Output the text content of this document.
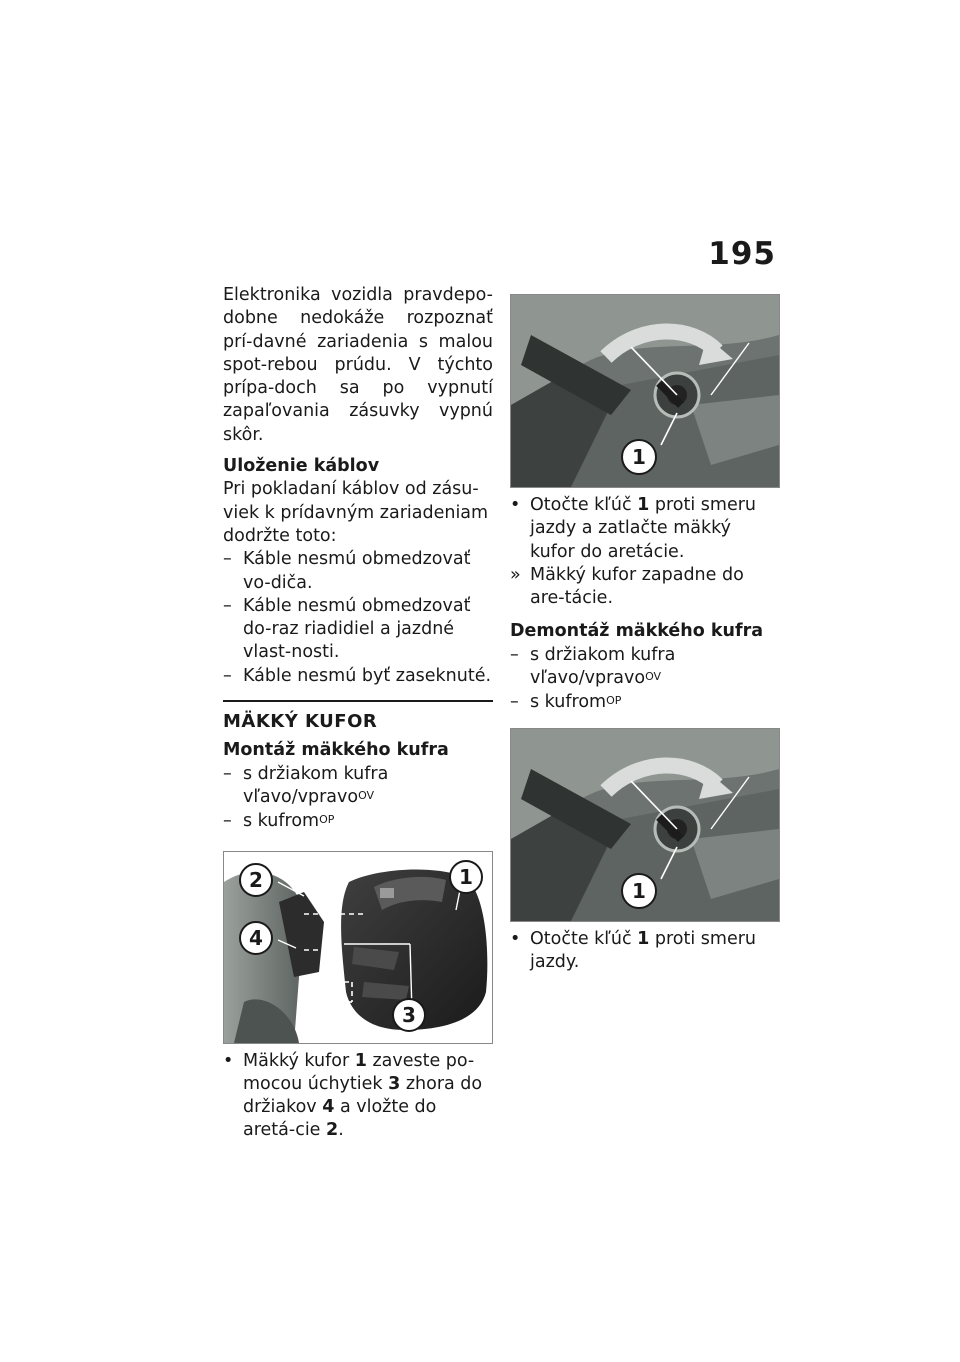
195

Elektronika vozidla pravdepo-dobne nedokáže rozpoznať prí-davné zariadenia s malou spot-rebou prúdu. V týchto prípa-doch sa po vypnutí zapaľovania zásuvky vypnú skôr.

Uloženie káblov

Pri pokladaní káblov od zásu-viek k prídavným zariadeniam dodržte toto:

– Káble nesmú obmedzovať vo-diča.
– Káble nesmú obmedzovať do-raz riadidiel a jazdné vlast-nosti.
– Káble nesmú byť zaseknuté.

MÄKKÝ KUFOR

Montáž mäkkého kufra

– s držiakom kufra vľavo/vpravo$^{OV}$
– s kufrom$^{OP}$
2	1
4
3
• Mäkký kufor 1 zaveste po-mocou úchytiek 3 zhora do držiakov 4 a vložte do aretá-cie 2.
1
• Otočte kľúč 1 proti smeru jazdy a zatlačte mäkký kufor do aretácie.
» Mäkký kufor zapadne do are-tácie.

Demontáž mäkkého kufra

– s držiakom kufra vľavo/vpravo$^{OV}$
– s kufrom$^{OP}$
1
• Otočte kľúč 1 proti smeru jazdy.
